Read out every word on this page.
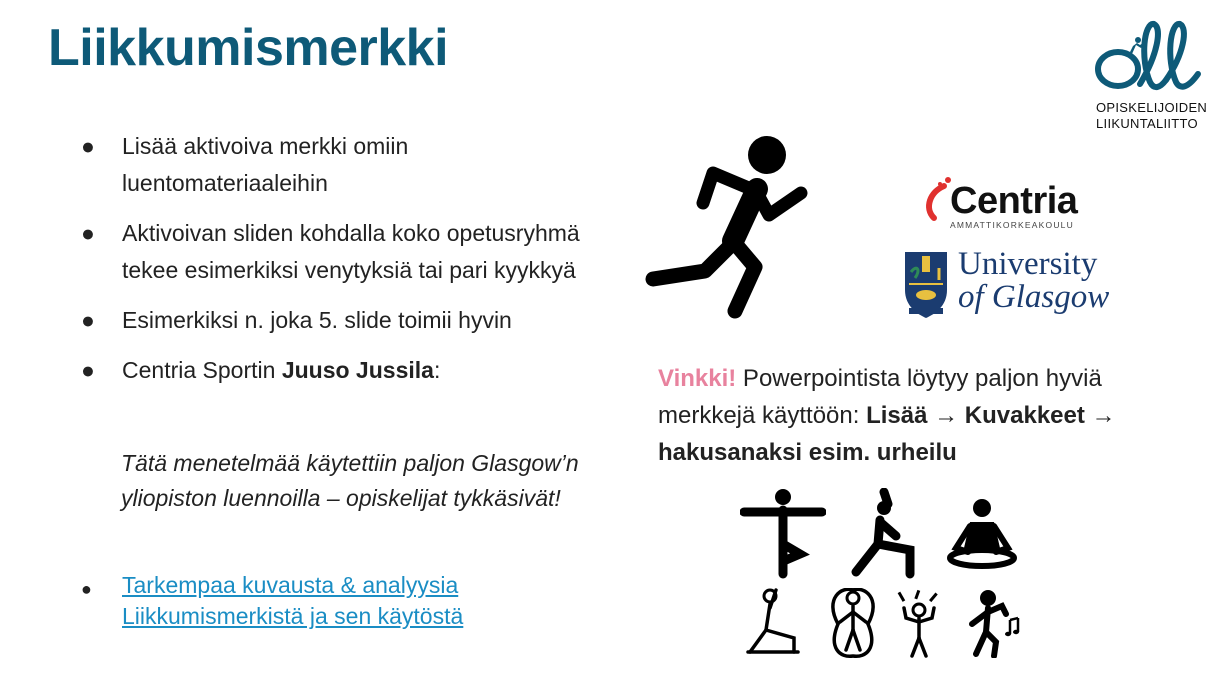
Liikkumismerkki
● Lisää aktivoiva merkki omiin luentomateriaaleihin
● Aktivoivan sliden kohdalla koko opetusryhmä tekee esimerkiksi venytyksiä tai pari kyykkyä
● Esimerkiksi n. joka 5. slide toimii hyvin
● Centria Sportin Juuso Jussila:
Tätä menetelmää käytettiin paljon Glasgow’n yliopiston luennoilla – opiskelijat tykkäsivät!
● Tarkempaa kuvausta & analyysia
Liikkumismerkistä ja sen käytöstä
OPISKELIJOIDEN
LIIKUNTALIITTO
Centria
AMMATTIKORKEAKOULU
University
of Glasgow
Vinkki! Powerpointista löytyy paljon hyviä merkkejä käyttöön: Lisää → Kuvakkeet → hakusanaksi esim. urheilu
